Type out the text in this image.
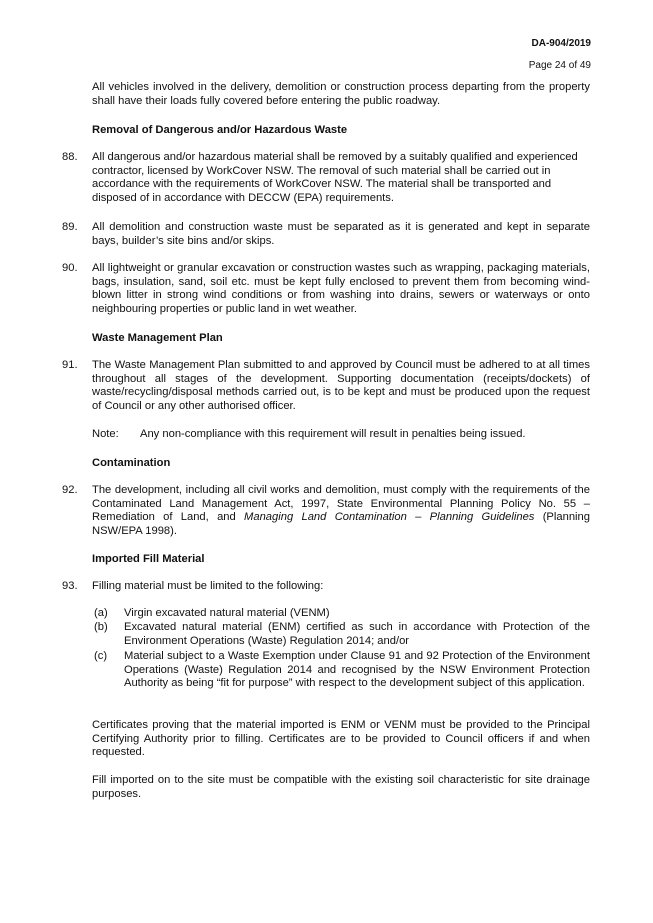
DA-904/2019
Page 24 of 49

All vehicles involved in the delivery, demolition or construction process departing from the property shall have their loads fully covered before entering the public roadway.

Removal of Dangerous and/or Hazardous Waste

88. All dangerous and/or hazardous material shall be removed by a suitably qualified and experienced contractor, licensed by WorkCover NSW. The removal of such material shall be carried out in accordance with the requirements of WorkCover NSW. The material shall be transported and disposed of in accordance with DECCW (EPA) requirements.

89. All demolition and construction waste must be separated as it is generated and kept in separate bays, builder’s site bins and/or skips.

90. All lightweight or granular excavation or construction wastes such as wrapping, packaging materials, bags, insulation, sand, soil etc. must be kept fully enclosed to prevent them from becoming wind-blown litter in strong wind conditions or from washing into drains, sewers or waterways or onto neighbouring properties or public land in wet weather.

Waste Management Plan

91. The Waste Management Plan submitted to and approved by Council must be adhered to at all times throughout all stages of the development. Supporting documentation (receipts/dockets) of waste/recycling/disposal methods carried out, is to be kept and must be produced upon the request of Council or any other authorised officer.

Note: Any non-compliance with this requirement will result in penalties being issued.

Contamination

92. The development, including all civil works and demolition, must comply with the requirements of the Contaminated Land Management Act, 1997, State Environmental Planning Policy No. 55 – Remediation of Land, and Managing Land Contamination – Planning Guidelines (Planning NSW/EPA 1998).

Imported Fill Material

93. Filling material must be limited to the following:

(a) Virgin excavated natural material (VENM)

(b) Excavated natural material (ENM) certified as such in accordance with Protection of the Environment Operations (Waste) Regulation 2014; and/or

(c) Material subject to a Waste Exemption under Clause 91 and 92 Protection of the Environment Operations (Waste) Regulation 2014 and recognised by the NSW Environment Protection Authority as being “fit for purpose” with respect to the development subject of this application.

Certificates proving that the material imported is ENM or VENM must be provided to the Principal Certifying Authority prior to filling. Certificates are to be provided to Council officers if and when requested.

Fill imported on to the site must be compatible with the existing soil characteristic for site drainage purposes.
